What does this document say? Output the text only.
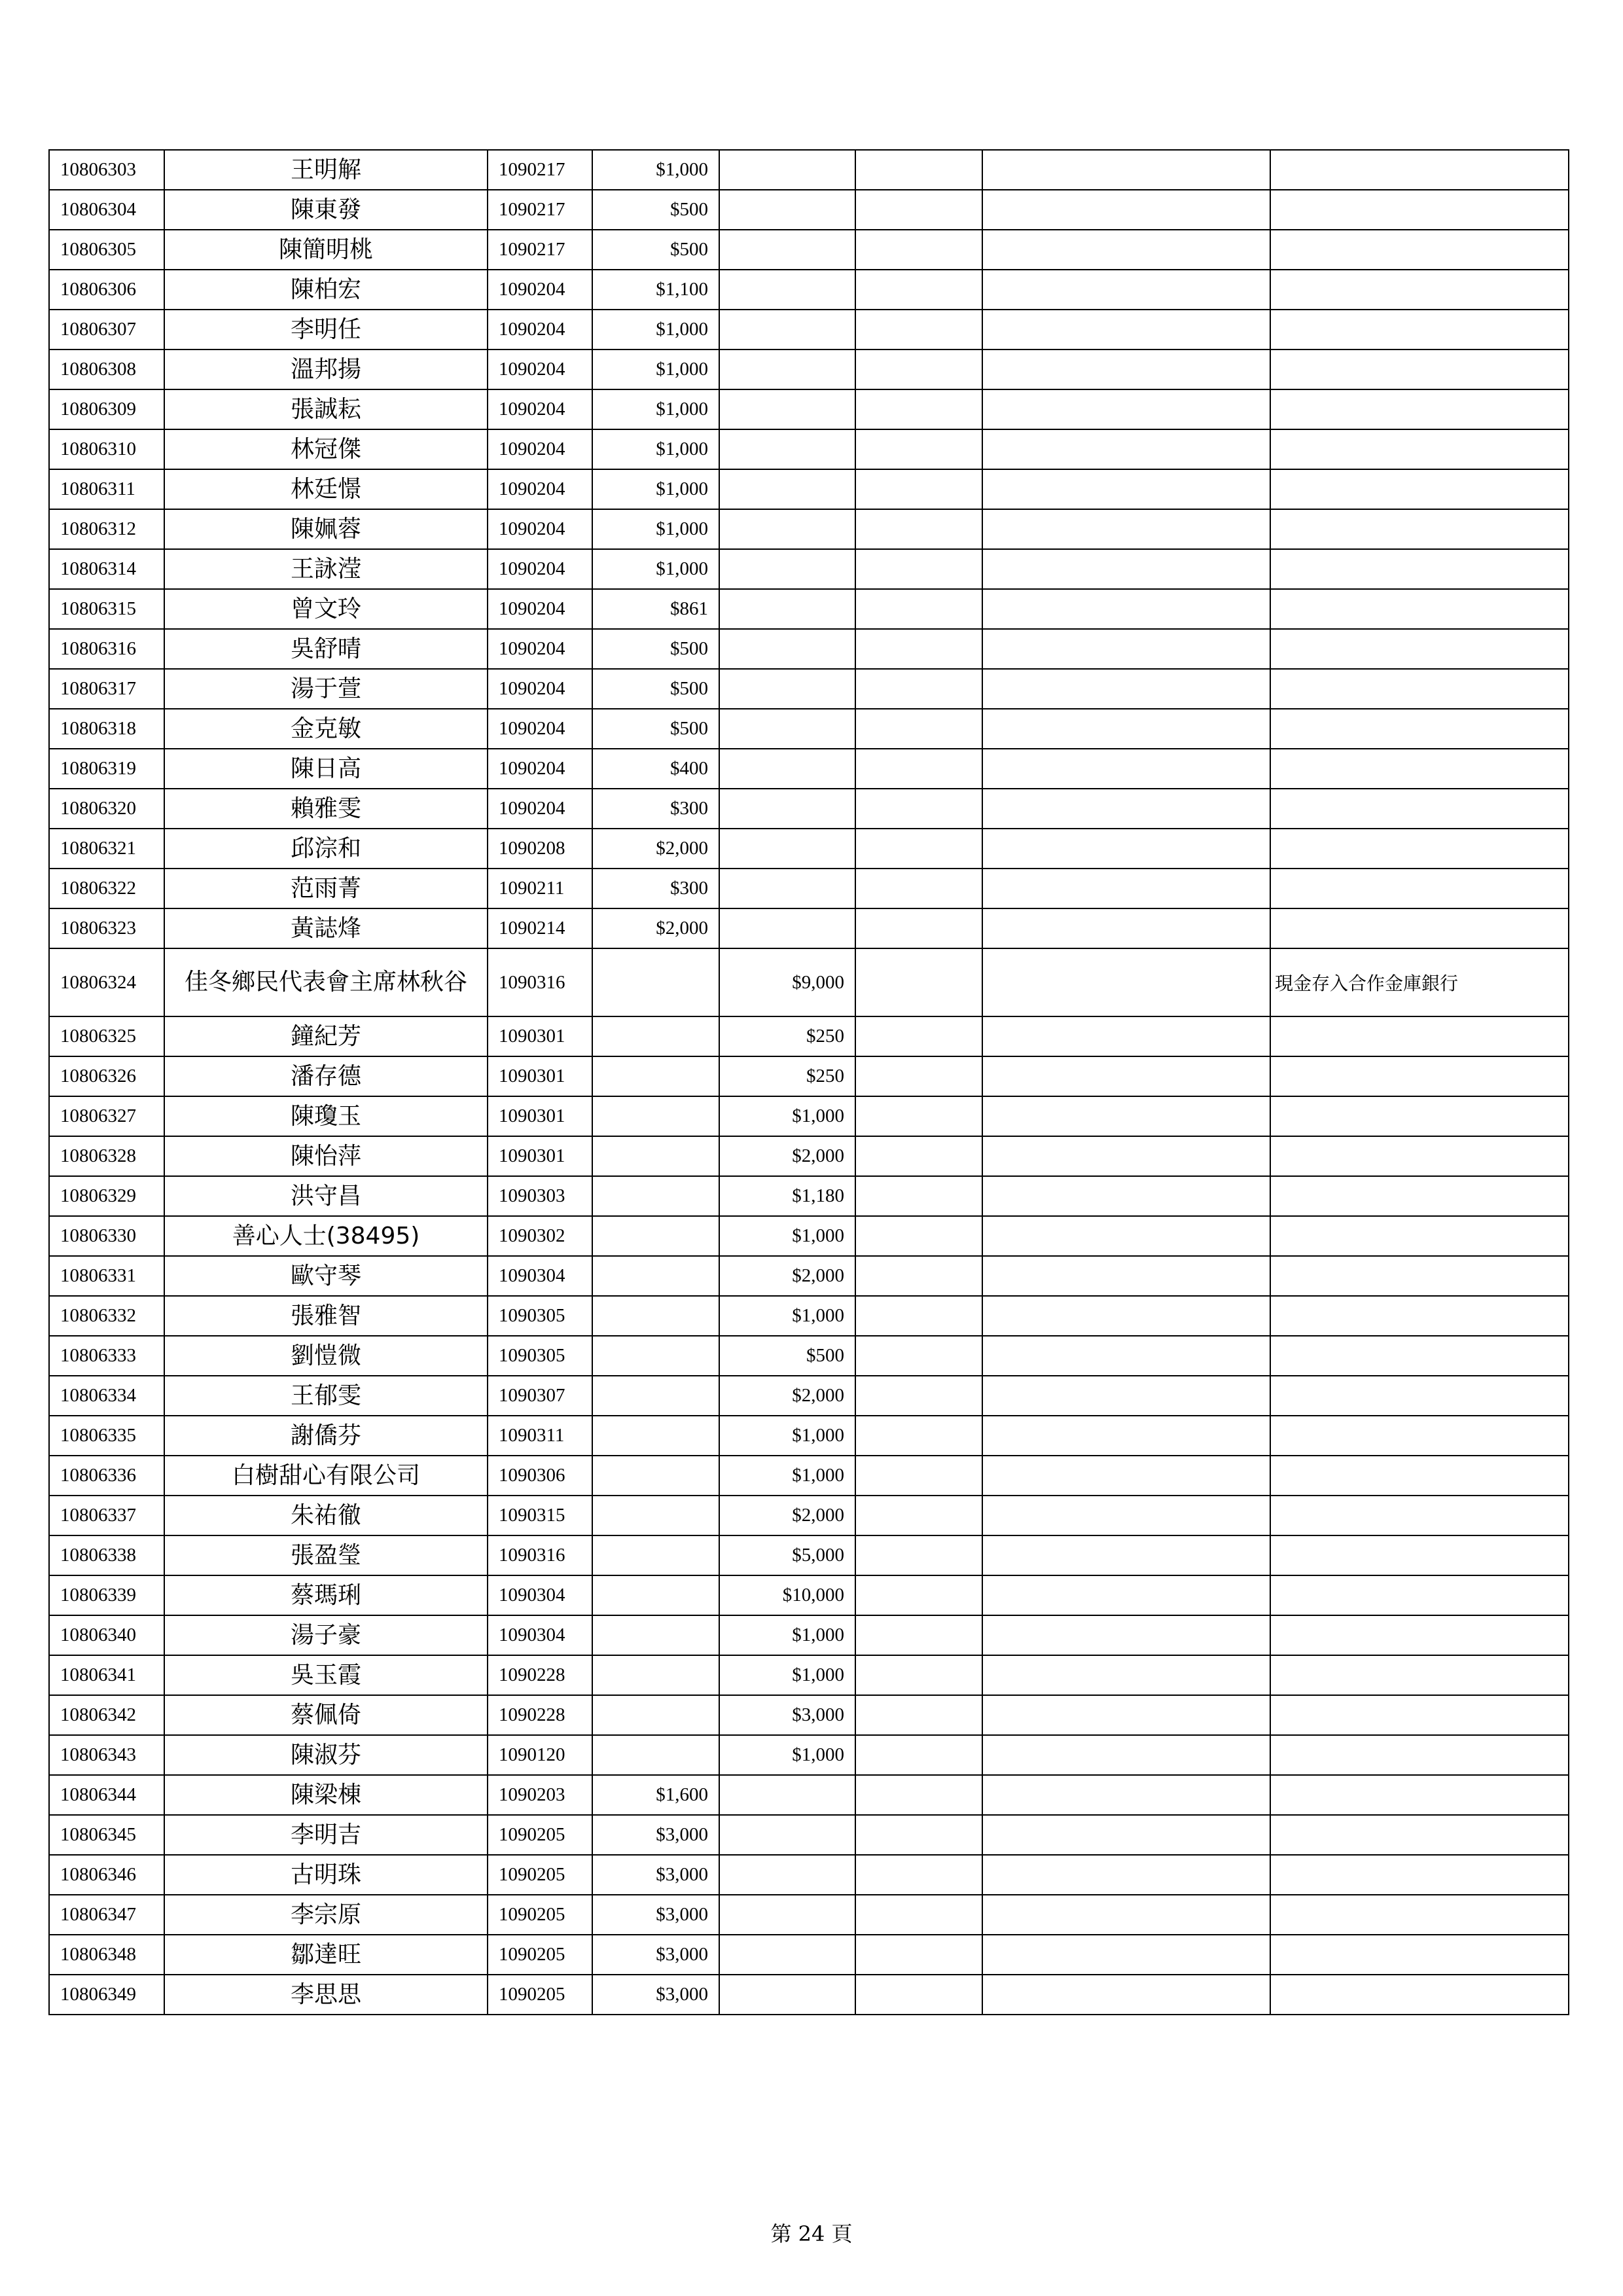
10806303	王明解	1090217	$1,000				
10806304	陳東發	1090217	$500				
10806305	陳簡明桃	1090217	$500				
10806306	陳柏宏	1090204	$1,100				
10806307	李明任	1090204	$1,000				
10806308	溫邦揚	1090204	$1,000				
10806309	張誠耘	1090204	$1,000				
10806310	林冠傑	1090204	$1,000				
10806311	林廷憬	1090204	$1,000				
10806312	陳姵蓉	1090204	$1,000				
10806314	王詠滢	1090204	$1,000				
10806315	曾文玲	1090204	$861				
10806316	吳舒晴	1090204	$500				
10806317	湯于萱	1090204	$500				
10806318	金克敏	1090204	$500				
10806319	陳日高	1090204	$400				
10806320	賴雅雯	1090204	$300				
10806321	邱淙和	1090208	$2,000				
10806322	范雨菁	1090211	$300				
10806323	黃誌烽	1090214	$2,000				
10806324	佳冬鄉民代表會主席林秋谷	1090316		$9,000			現金存入合作金庫銀行
10806325	鐘紀芳	1090301		$250			
10806326	潘存德	1090301		$250			
10806327	陳瓊玉	1090301		$1,000			
10806328	陳怡萍	1090301		$2,000			
10806329	洪守昌	1090303		$1,180			
10806330	善心人士(38495)	1090302		$1,000			
10806331	歐守琴	1090304		$2,000			
10806332	張雅智	1090305		$1,000			
10806333	劉愷微	1090305		$500			
10806334	王郁雯	1090307		$2,000			
10806335	謝僑芬	1090311		$1,000			
10806336	白樹甜心有限公司	1090306		$1,000			
10806337	朱祐徹	1090315		$2,000			
10806338	張盈瑩	1090316		$5,000			
10806339	蔡瑪琍	1090304		$10,000			
10806340	湯子豪	1090304		$1,000			
10806341	吳玉霞	1090228		$1,000			
10806342	蔡佩倚	1090228		$3,000			
10806343	陳淑芬	1090120		$1,000			
10806344	陳梁棟	1090203	$1,600				
10806345	李明吉	1090205	$3,000				
10806346	古明珠	1090205	$3,000				
10806347	李宗原	1090205	$3,000				
10806348	鄒達旺	1090205	$3,000				
10806349	李思思	1090205	$3,000				
第 24 頁
